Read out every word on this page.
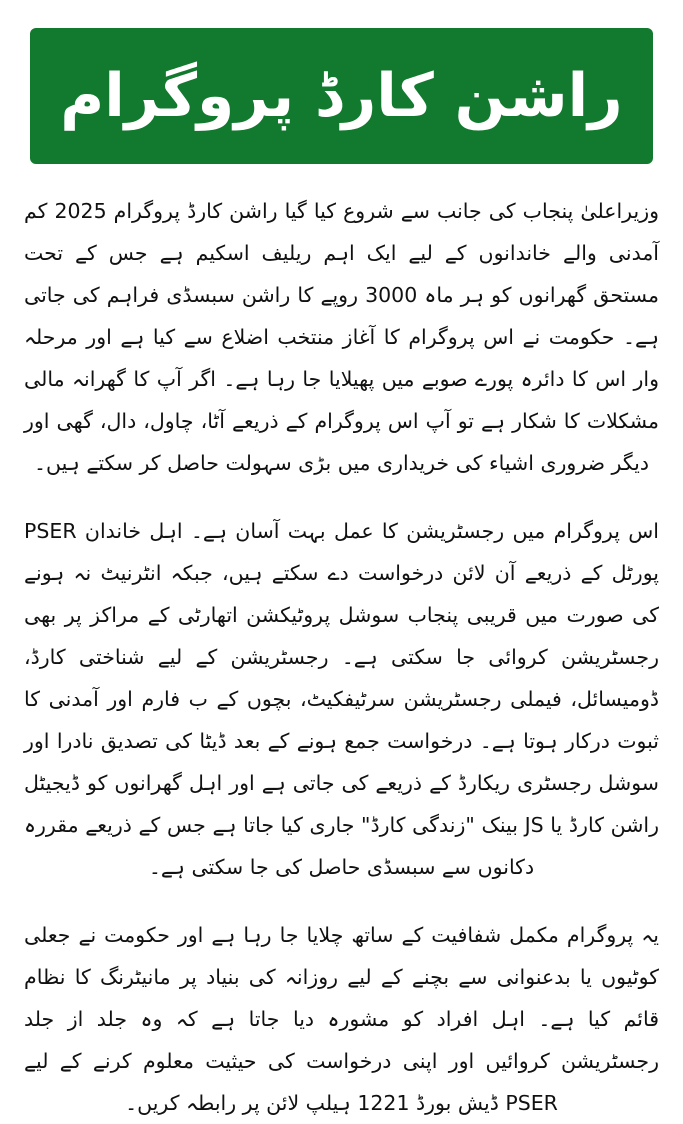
راشن کارڈ پروگرام

وزیراعلیٰ پنجاب کی جانب سے شروع کیا گیا راشن کارڈ پروگرام 2025 کم آمدنی والے خاندانوں کے لیے ایک اہم ریلیف اسکیم ہے جس کے تحت مستحق گھرانوں کو ہر ماہ 3000 روپے کا راشن سبسڈی فراہم کی جاتی ہے۔ حکومت نے اس پروگرام کا آغاز منتخب اضلاع سے کیا ہے اور مرحلہ وار اس کا دائرہ پورے صوبے میں پھیلایا جا رہا ہے۔ اگر آپ کا گھرانہ مالی مشکلات کا شکار ہے تو آپ اس پروگرام کے ذریعے آٹا، چاول، دال، گھی اور دیگر ضروری اشیاء کی خریداری میں بڑی سہولت حاصل کر سکتے ہیں۔

اس پروگرام میں رجسٹریشن کا عمل بہت آسان ہے۔ اہل خاندان PSER پورٹل کے ذریعے آن لائن درخواست دے سکتے ہیں، جبکہ انٹرنیٹ نہ ہونے کی صورت میں قریبی پنجاب سوشل پروٹیکشن اتھارٹی کے مراکز پر بھی رجسٹریشن کروائی جا سکتی ہے۔ رجسٹریشن کے لیے شناختی کارڈ، ڈومیسائل، فیملی رجسٹریشن سرٹیفکیٹ، بچوں کے ب فارم اور آمدنی کا ثبوت درکار ہوتا ہے۔ درخواست جمع ہونے کے بعد ڈیٹا کی تصدیق نادرا اور سوشل رجسٹری ریکارڈ کے ذریعے کی جاتی ہے اور اہل گھرانوں کو ڈیجیٹل راشن کارڈ یا JS بینک "زندگی کارڈ" جاری کیا جاتا ہے جس کے ذریعے مقررہ دکانوں سے سبسڈی حاصل کی جا سکتی ہے۔

یہ پروگرام مکمل شفافیت کے ساتھ چلایا جا رہا ہے اور حکومت نے جعلی کوٹیوں یا بدعنوانی سے بچنے کے لیے روزانہ کی بنیاد پر مانیٹرنگ کا نظام قائم کیا ہے۔ اہل افراد کو مشورہ دیا جاتا ہے کہ وہ جلد از جلد رجسٹریشن کروائیں اور اپنی درخواست کی حیثیت معلوم کرنے کے لیے PSER ڈیش بورڈ 1221 ہیلپ لائن پر رابطہ کریں۔
